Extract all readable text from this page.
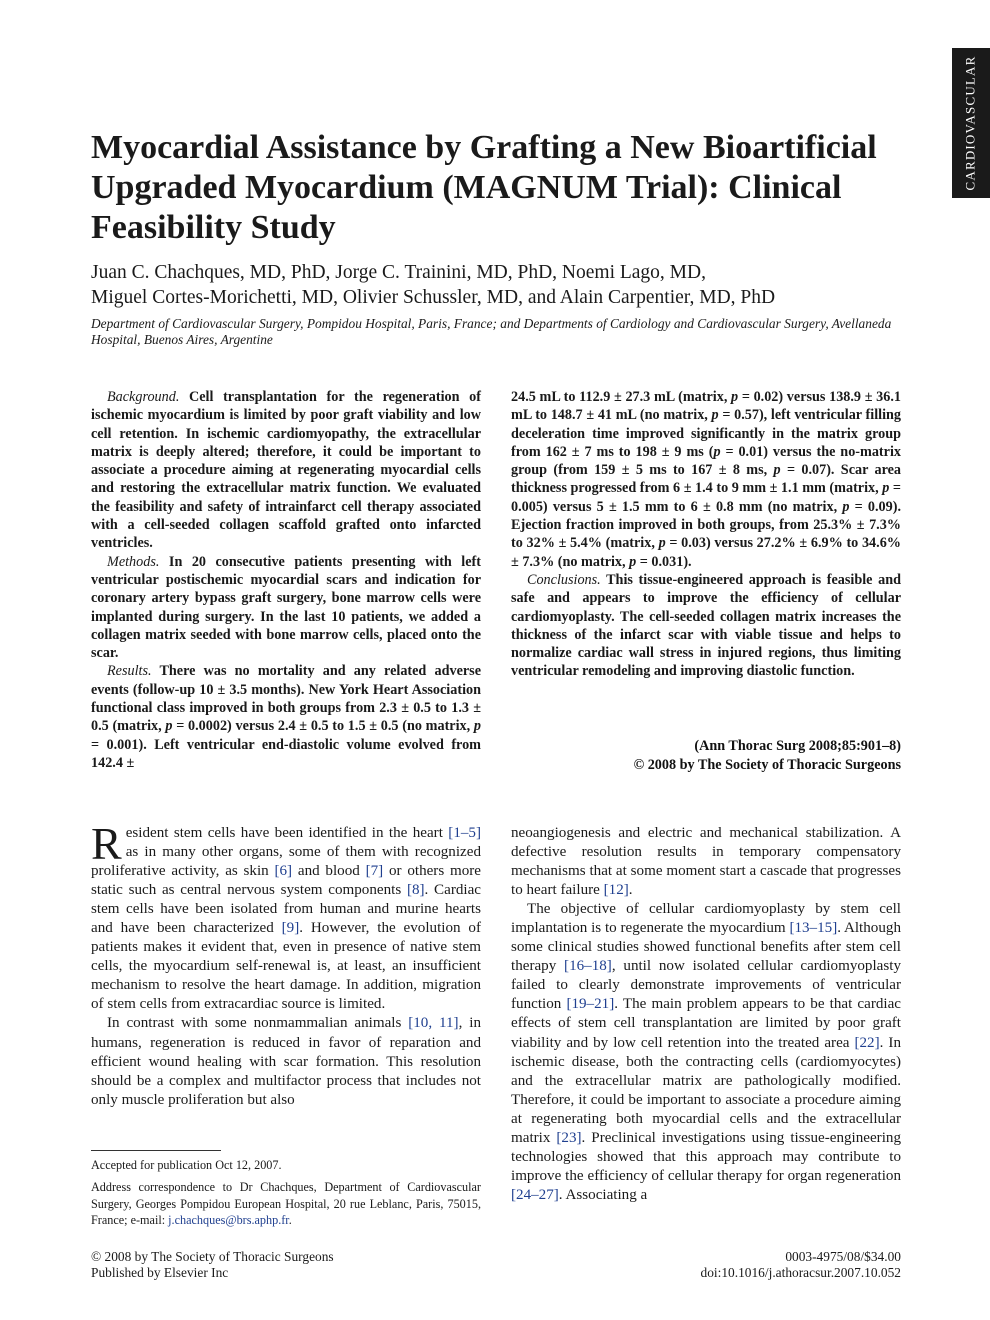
CARDIOVASCULAR
Myocardial Assistance by Grafting a New Bioartificial Upgraded Myocardium (MAGNUM Trial): Clinical Feasibility Study
Juan C. Chachques, MD, PhD, Jorge C. Trainini, MD, PhD, Noemi Lago, MD,
Miguel Cortes-Morichetti, MD, Olivier Schussler, MD, and Alain Carpentier, MD, PhD
Department of Cardiovascular Surgery, Pompidou Hospital, Paris, France; and Departments of Cardiology and Cardiovascular Surgery, Avellaneda Hospital, Buenos Aires, Argentine

Background. Cell transplantation for the regeneration of ischemic myocardium is limited by poor graft viability and low cell retention. In ischemic cardiomyopathy, the extracellular matrix is deeply altered; therefore, it could be important to associate a procedure aiming at regenerating myocardial cells and restoring the extracellular matrix function. We evaluated the feasibility and safety of intrainfarct cell therapy associated with a cell-seeded collagen scaffold grafted onto infarcted ventricles.

Methods. In 20 consecutive patients presenting with left ventricular postischemic myocardial scars and indication for coronary artery bypass graft surgery, bone marrow cells were implanted during surgery. In the last 10 patients, we added a collagen matrix seeded with bone marrow cells, placed onto the scar.

Results. There was no mortality and any related adverse events (follow-up 10 ± 3.5 months). New York Heart Association functional class improved in both groups from 2.3 ± 0.5 to 1.3 ± 0.5 (matrix, p = 0.0002) versus 2.4 ± 0.5 to 1.5 ± 0.5 (no matrix, p = 0.001). Left ventricular end-diastolic volume evolved from 142.4 ±

24.5 mL to 112.9 ± 27.3 mL (matrix, p = 0.02) versus 138.9 ± 36.1 mL to 148.7 ± 41 mL (no matrix, p = 0.57), left ventricular filling deceleration time improved significantly in the matrix group from 162 ± 7 ms to 198 ± 9 ms (p = 0.01) versus the no-matrix group (from 159 ± 5 ms to 167 ± 8 ms, p = 0.07). Scar area thickness progressed from 6 ± 1.4 to 9 mm ± 1.1 mm (matrix, p = 0.005) versus 5 ± 1.5 mm to 6 ± 0.8 mm (no matrix, p = 0.09). Ejection fraction improved in both groups, from 25.3% ± 7.3% to 32% ± 5.4% (matrix, p = 0.03) versus 27.2% ± 6.9% to 34.6% ± 7.3% (no matrix, p = 0.031).

Conclusions. This tissue-engineered approach is feasible and safe and appears to improve the efficiency of cellular cardiomyoplasty. The cell-seeded collagen matrix increases the thickness of the infarct scar with viable tissue and helps to normalize cardiac wall stress in injured regions, thus limiting ventricular remodeling and improving diastolic function.

(Ann Thorac Surg 2008;85:901–8)
© 2008 by The Society of Thoracic Surgeons

Resident stem cells have been identified in the heart [1–5] as in many other organs, some of them with recognized proliferative activity, as skin [6] and blood [7] or others more static such as central nervous system components [8]. Cardiac stem cells have been isolated from human and murine hearts and have been characterized [9]. However, the evolution of patients makes it evident that, even in presence of native stem cells, the myocardium self-renewal is, at least, an insufficient mechanism to resolve the heart damage. In addition, migration of stem cells from extracardiac source is limited.

In contrast with some nonmammalian animals [10, 11], in humans, regeneration is reduced in favor of reparation and efficient wound healing with scar formation. This resolution should be a complex and multifactor process that includes not only muscle proliferation but also

neoangiogenesis and electric and mechanical stabilization. A defective resolution results in temporary compensatory mechanisms that at some moment start a cascade that progresses to heart failure [12].

The objective of cellular cardiomyoplasty by stem cell implantation is to regenerate the myocardium [13–15]. Although some clinical studies showed functional benefits after stem cell therapy [16–18], until now isolated cellular cardiomyoplasty failed to clearly demonstrate improvements of ventricular function [19–21]. The main problem appears to be that cardiac effects of stem cell transplantation are limited by poor graft viability and by low cell retention into the treated area [22]. In ischemic disease, both the contracting cells (cardiomyocytes) and the extracellular matrix are pathologically modified. Therefore, it could be important to associate a procedure aiming at regenerating both myocardial cells and the extracellular matrix [23]. Preclinical investigations using tissue-engineering technologies showed that this approach may contribute to improve the efficiency of cellular therapy for organ regeneration [24–27]. Associating a

Accepted for publication Oct 12, 2007.

Address correspondence to Dr Chachques, Department of Cardiovascular Surgery, Georges Pompidou European Hospital, 20 rue Leblanc, Paris, 75015, France; e-mail: j.chachques@brs.aphp.fr.

© 2008 by The Society of Thoracic Surgeons
Published by Elsevier Inc
0003-4975/08/$34.00
doi:10.1016/j.athoracsur.2007.10.052
